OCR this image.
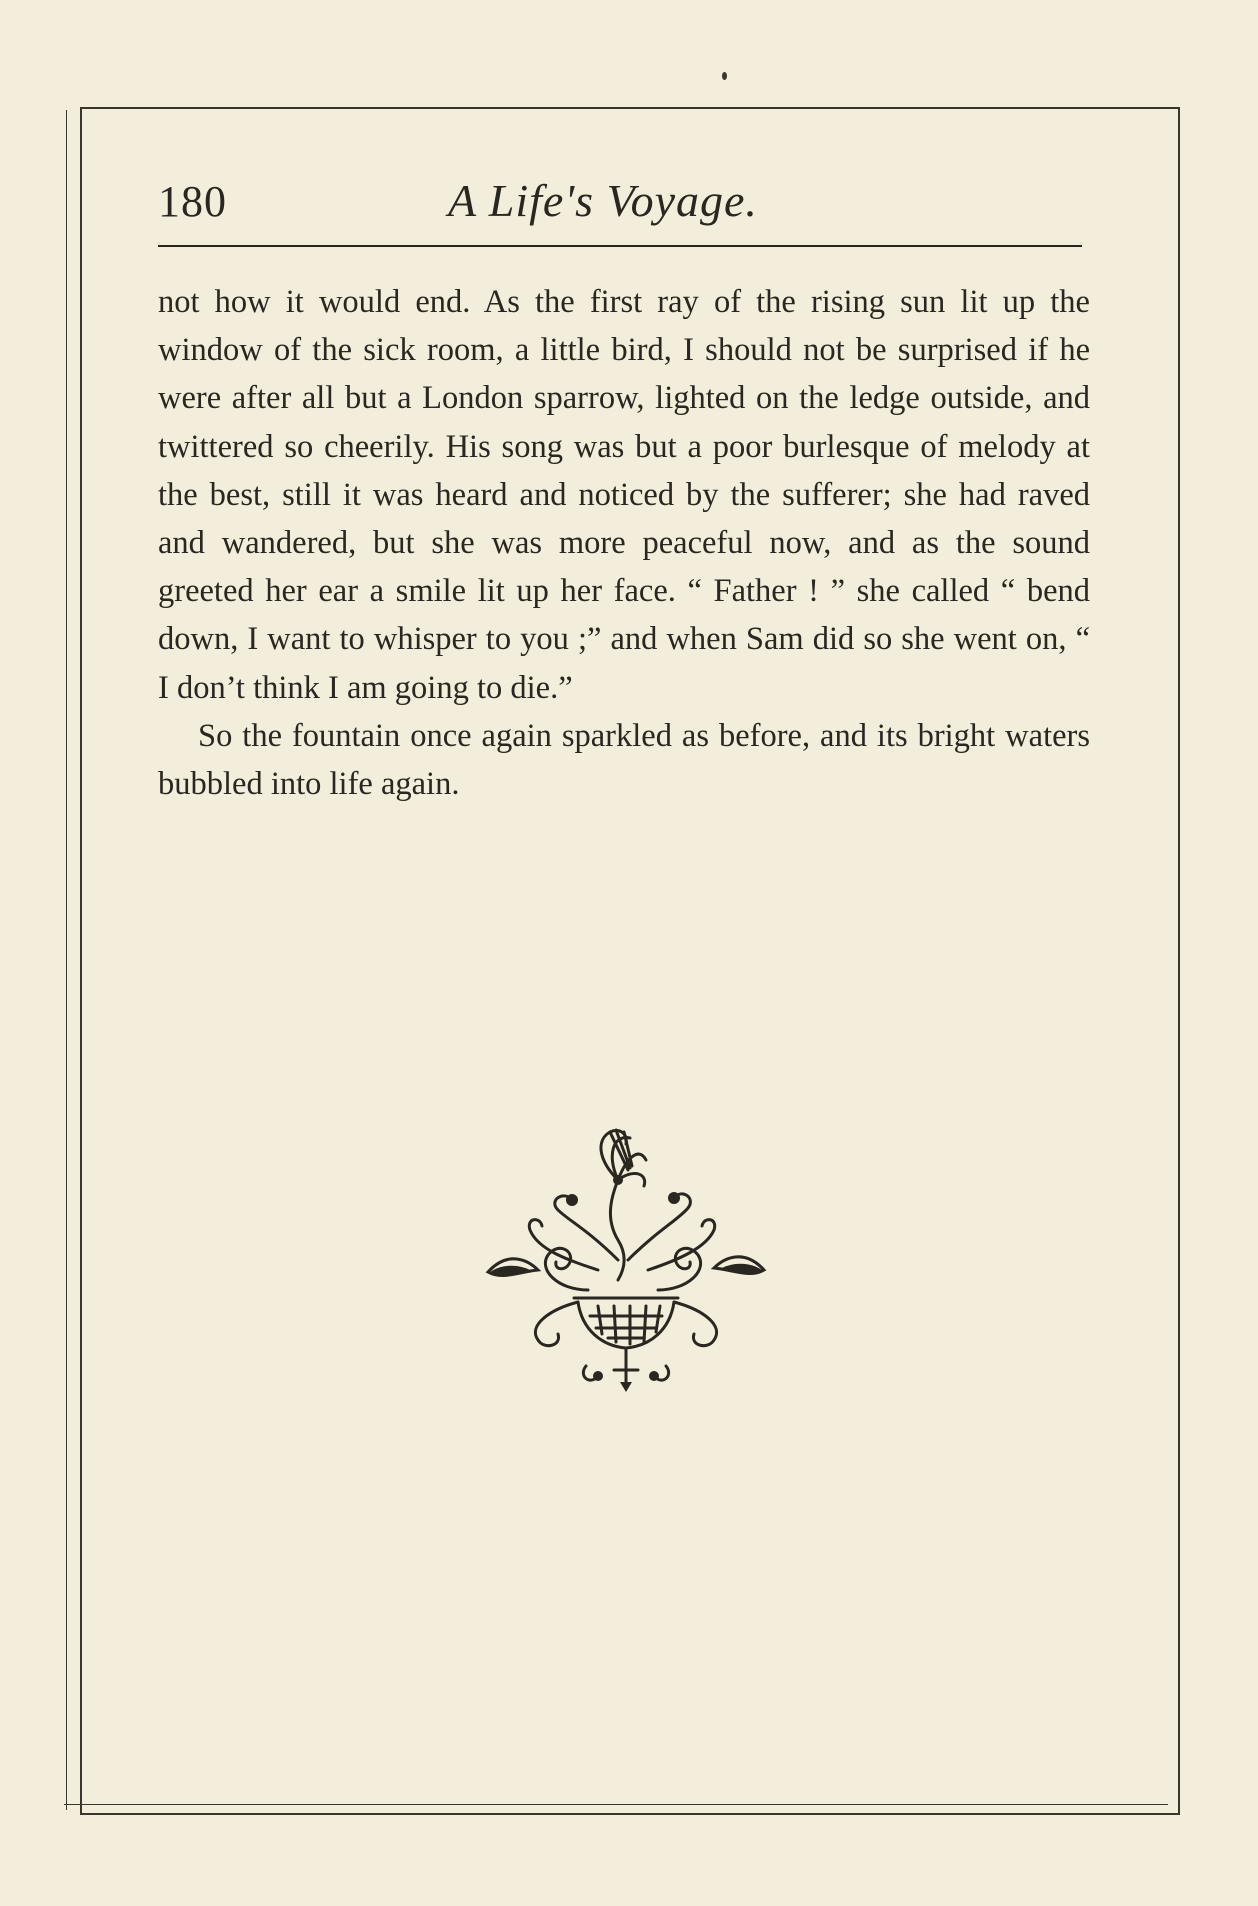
180	A Life's Voyage.

not how it would end. As the first ray of the rising sun lit up the window of the sick room, a little bird, I should not be surprised if he were after all but a London sparrow, lighted on the ledge outside, and twittered so cheerily. His song was but a poor burlesque of melody at the best, still it was heard and noticed by the sufferer; she had raved and wandered, but she was more peaceful now, and as the sound greeted her ear a smile lit up her face. “ Father ! ” she called “ bend down, I want to whisper to you ;” and when Sam did so she went on, “ I don’t think I am going to die.”

So the fountain once again sparkled as before, and its bright waters bubbled into life again.
